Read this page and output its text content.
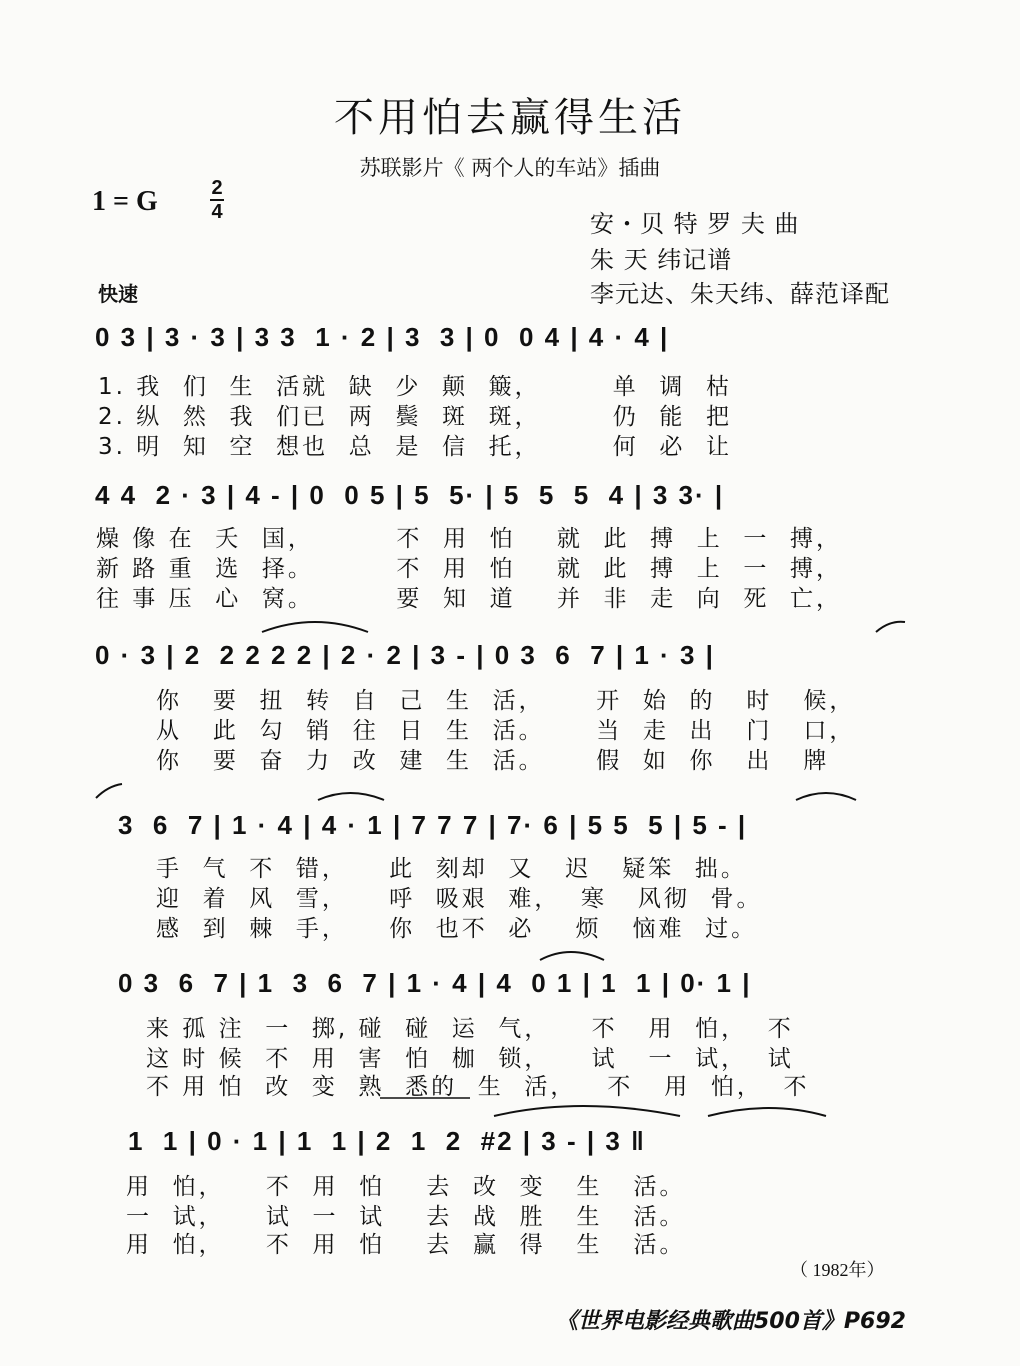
不用怕去赢得生活
苏联影片《 两个人的车站》插曲
1 = G	2
4	安・贝 特 罗 夫 曲
朱 天 纬记谱
李元达、朱天纬、薛范译配
快速
0 3 | 3 · 3 | 3 3  1 · 2 | 3  3 | 0  0 4 | 4 · 4 |
1. 我  们  生  活就  缺  少  颠  簸，       单  调  枯
2. 纵  然  我  们已  两  鬓  斑  斑，       仍  能  把
3. 明  知  空  想也  总  是  信  托，       何  必  让
4 4  2 · 3 | 4 - | 0  0 5 | 5  5· | 5  5  5  4 | 3 3· |
燥 像 在  夭  国，        不  用  怕    就  此  搏  上  一  搏，
新 路 重  选  择。        不  用  怕    就  此  搏  上  一  搏，
往 事 压  心  窝。        要  知  道    并  非  走  向  死  亡，
0 · 3 | 2  2 2 2 2 | 2 · 2 | 3 - | 0 3  6  7 | 1 · 3 |
你   要  扭  转  自  己  生  活，     开  始  的   时   候，
从   此  勾  销  往  日  生  活。     当  走  出   门   口，
你   要  奋  力  改  建  生  活。     假  如  你   出   牌
3  6  7 | 1 · 4 | 4 · 1 | 7 7 7 | 7· 6 | 5 5  5 | 5 - |
手  气  不  错，    此  刻却  又   迟   疑笨  拙。
迎  着  风  雪，    呼  吸艰  难，  寒   风彻  骨。
感  到  棘  手，    你  也不  必    烦   恼难  过。
0 3  6  7 | 1  3  6  7 | 1 · 4 | 4  0 1 | 1  1 | 0· 1 |
来 孤 注  一  掷, 碰  碰  运  气，    不   用  怕，  不
这 时 候  不  用  害  怕  枷  锁，    试   一  试，  试
不 用 怕  改  变  熟  悉的  生  活，   不   用  怕，  不
1  1 | 0 · 1 | 1  1 | 2  1  2  #2 | 3 - | 3 ‖
用  怕，    不  用  怕    去  改  变   生   活。
一  试，    试  一  试    去  战  胜   生   活。
用  怕，    不  用  怕    去  赢  得   生   活。
（ 1982年）
《世界电影经典歌曲500首》P692
